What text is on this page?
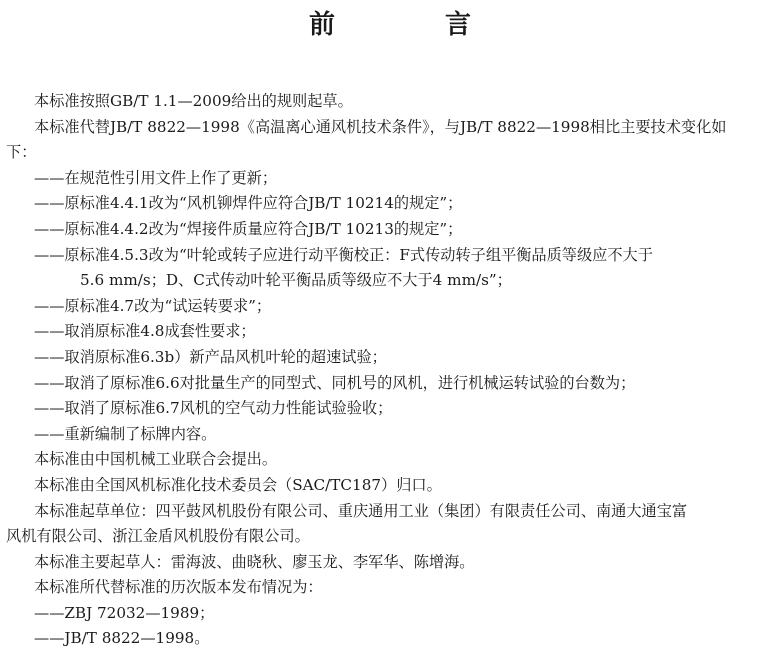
前　言

本标准按照GB/T 1.1—2009给出的规则起草。

本标准代替JB/T 8822—1998《高温离心通风机技术条件》，与JB/T 8822—1998相比主要技术变化如

下：

——在规范性引用文件上作了更新；

——原标准4.4.1改为“风机铆焊件应符合JB/T 10214的规定”；

——原标准4.4.2改为“焊接件质量应符合JB/T 10213的规定”；

——原标准4.5.3改为“叶轮或转子应进行动平衡校正：F式传动转子组平衡品质等级应不大于

5.6 mm/s；D、C式传动叶轮平衡品质等级应不大于4 mm/s”；

——原标准4.7改为“试运转要求”；

——取消原标准4.8成套性要求；

——取消原标准6.3b）新产品风机叶轮的超速试验；

——取消了原标准6.6对批量生产的同型式、同机号的风机，进行机械运转试验的台数为；

——取消了原标准6.7风机的空气动力性能试验验收；

——重新编制了标牌内容。

本标准由中国机械工业联合会提出。

本标准由全国风机标准化技术委员会（SAC/TC187）归口。

本标准起草单位：四平鼓风机股份有限公司、重庆通用工业（集团）有限责任公司、南通大通宝富

风机有限公司、浙江金盾风机股份有限公司。

本标准主要起草人：雷海波、曲晓秋、廖玉龙、李军华、陈增海。

本标准所代替标准的历次版本发布情况为：

——ZBJ 72032—1989；

——JB/T 8822—1998。
